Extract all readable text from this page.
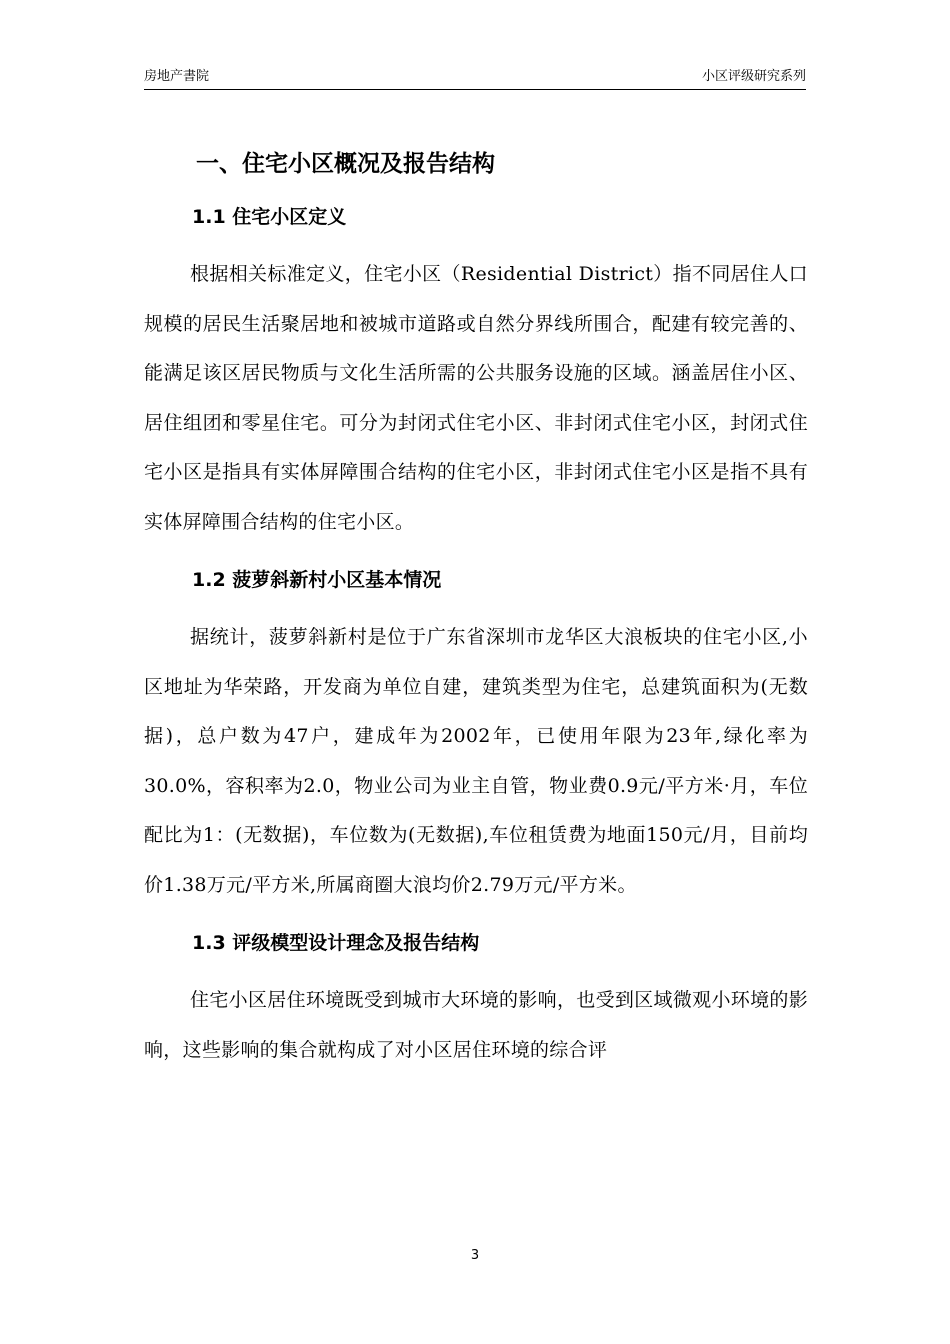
房地产書院	小区评级研究系列
一、住宅小区概况及报告结构
1.1 住宅小区定义

根据相关标准定义，住宅小区（Residential District）指不同居住人口规模的居民生活聚居地和被城市道路或自然分界线所围合，配建有较完善的、能满足该区居民物质与文化生活所需的公共服务设施的区域。涵盖居住小区、居住组团和零星住宅。可分为封闭式住宅小区、非封闭式住宅小区，封闭式住宅小区是指具有实体屏障围合结构的住宅小区，非封闭式住宅小区是指不具有实体屏障围合结构的住宅小区。

1.2 菠萝斜新村小区基本情况

据统计，菠萝斜新村是位于广东省深圳市龙华区大浪板块的住宅小区,小区地址为华荣路，开发商为单位自建，建筑类型为住宅，总建筑面积为(无数据)，总户数为47户，建成年为2002年，已使用年限为23年,绿化率为30.0%，容积率为2.0，物业公司为业主自管，物业费0.9元/平方米·月，车位配比为1：(无数据)，车位数为(无数据),车位租赁费为地面150元/月，目前均价1.38万元/平方米,所属商圈大浪均价2.79万元/平方米。

1.3 评级模型设计理念及报告结构

住宅小区居住环境既受到城市大环境的影响，也受到区域微观小环境的影响，这些影响的集合就构成了对小区居住环境的综合评

3
